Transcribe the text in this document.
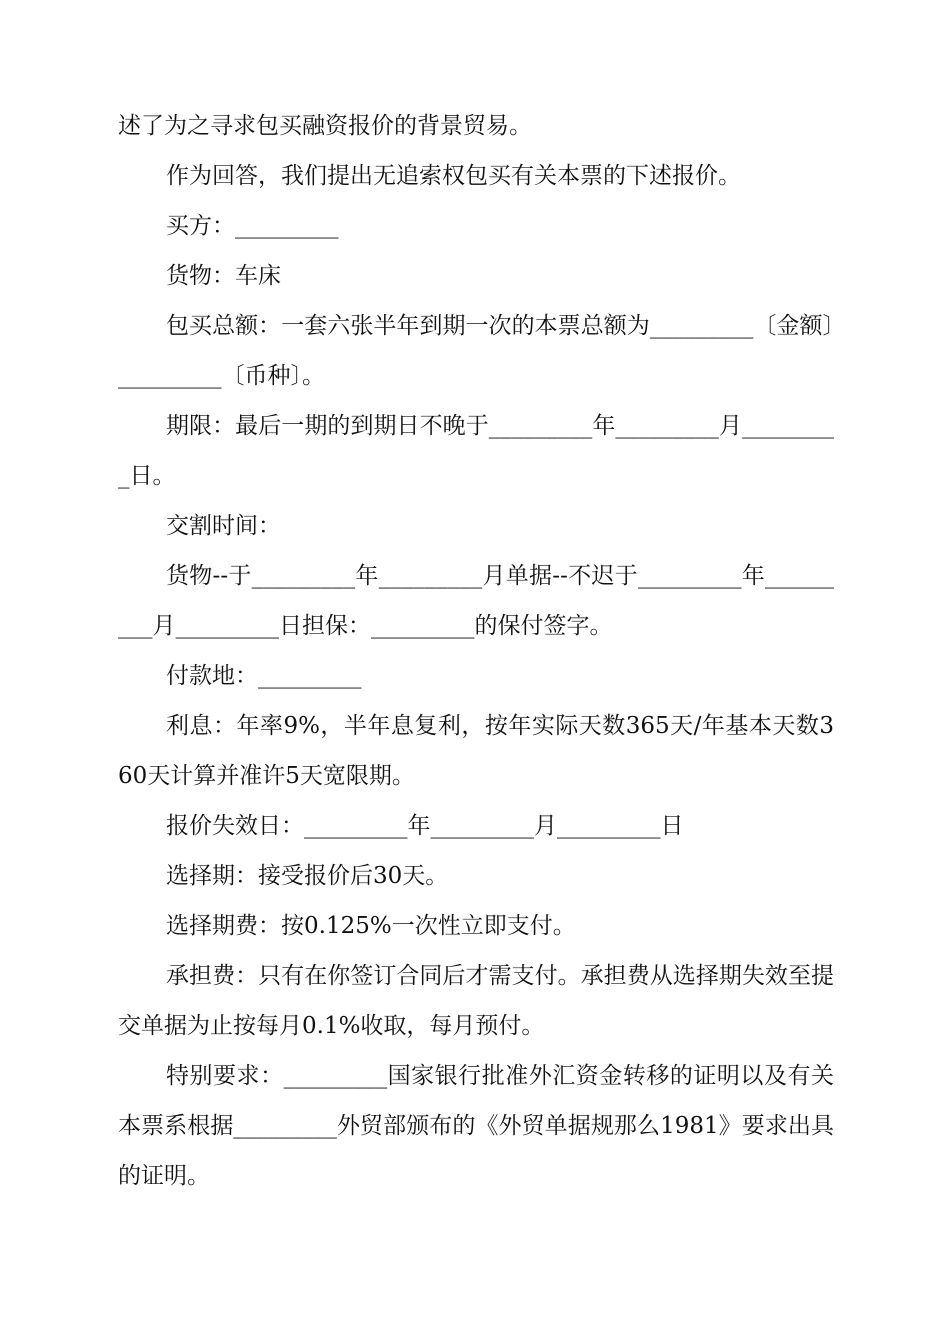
述了为之寻求包买融资报价的背景贸易。

作为回答，我们提出无追索权包买有关本票的下述报价。

买方：_________

货物：车床

包买总额：一套六张半年到期一次的本票总额为_________〔金额〕_________〔币种〕。

期限：最后一期的到期日不晚于_________年_________月_________日。

交割时间：

货物--于_________年_________月单据--不迟于_________年_________月_________日担保：_________的保付签字。

付款地：_________

利息：年率9%，半年息复利，按年实际天数365天/年基本天数360天计算并准许5天宽限期。

报价失效日：_________年_________月_________日

选择期：接受报价后30天。

选择期费：按0.125%一次性立即支付。

承担费：只有在你签订合同后才需支付。承担费从选择期失效至提交单据为止按每月0.1%收取，每月预付。

特别要求：_________国家银行批准外汇资金转移的证明以及有关本票系根据_________外贸部颁布的《外贸单据规那么1981》要求出具的证明。
